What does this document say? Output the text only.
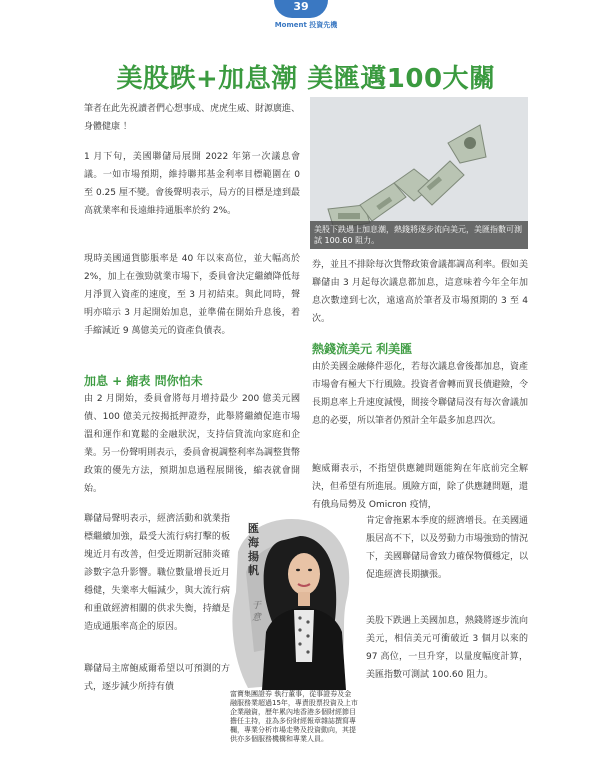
39
Moment 投資先機
美股跌+加息潮 美匯邁100大關
筆者在此先祝讀者們心想事成、虎虎生威、財源廣進、身體健康 ！
1 月下旬，美國聯儲局展開 2022 年第一次議息會議。一如市場預期，維持聯邦基金利率目標範圍在 0 至 0.25 厘不變。會後聲明表示，局方的目標是達到最高就業率和長遠維持通脹率於約 2%。
現時美國通貨膨脹率是 40 年以來高位，並大幅高於 2%，加上在強勁就業市場下，委員會決定繼續降低每月淨買入資產的速度，至 3 月初結束。與此同時，聲明亦暗示 3 月起開始加息，並準備在開始升息後，着手縮減近 9 萬億美元的資產負債表。
加息 + 縮表 問你怕未
由 2 月開始，委員會將每月增持最少 200 億美元國債、100 億美元按揭抵押證券，此舉將繼續促進市場溫和運作和寬鬆的金融狀況，支持信貸流向家庭和企業。另一份聲明則表示，委員會視調整利率為調整貨幣政策的優先方法，預期加息過程展開後，縮表就會開始。
聯儲局聲明表示，經濟活動和就業指標繼續加強，最受大流行病打擊的板塊近月有改善，但受近期新冠肺炎確診數字急升影響。職位數量增長近月穩健，失業率大幅減少，與大流行病和重啟經濟相關的供求失衡，持續是造成通脹率高企的原因。
聯儲局主席鮑威爾希望以可預測的方式，逐步減少所持有債
美股下跌遇上加息潮，熱錢將逐步流向美元，美匯指數可測試 100.60 阻力。
券，並且不排除每次貨幣政策會議都調高利率。假如美聯儲由 3 月起每次議息都加息，這意味着今年全年加息次數達到七次，遠遠高於筆者及市場預期的 3 至 4 次。
熱錢流美元 利美匯
由於美國金融條件惡化，若每次議息會後都加息，資產市場會有極大下行風險。投資者會轉而買長債避險，令長期息率上升速度減慢，間接令聯儲局沒有每次會議加息的必要，所以筆者仍預計全年最多加息四次。
鮑威爾表示，不指望供應鏈問題能夠在年底前完全解決，但希望有所進展。風險方面，除了供應鏈問題，還有俄烏局勢及 Omicron 疫情，
肯定會拖累本季度的經濟增長。在美國通脹居高不下，以及勞動力市場強勁的情況下，美國聯儲局會致力確保物價穩定，以促進經濟長期擴張。
美股下跌遇上美國加息，熱錢將逐步流向美元，相信美元可衝破近 3 個月以來的 97 高位，一旦升穿，以量度幅度計算，美匯指數可測試 100.60 阻力。
匯海揚帆
于意
富寶集團證券 執行董事，從事證券及金融服務業超過15年，專責股票投資及上市企業融資，歷年累內地香港多個財經節目擔任主持，並為多份財經報章雜誌撰寫專欄，專業分析市場走勢及投資動向，其提供亦多個服務機構和專業人員。
